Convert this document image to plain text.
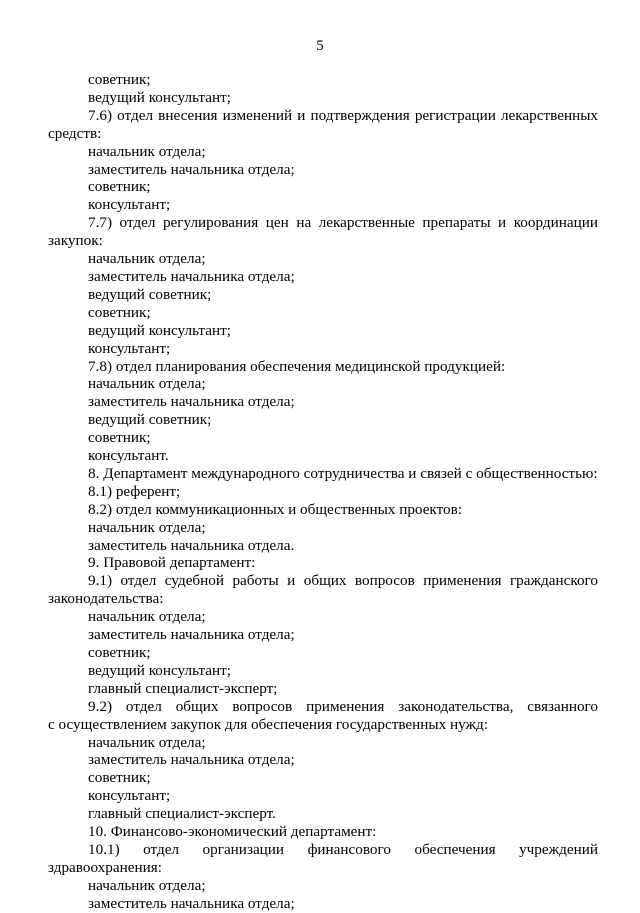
5
советник;
ведущий консультант;
7.6) отдел внесения изменений и подтверждения регистрации лекарственных
средств:
начальник отдела;
заместитель начальника отдела;
советник;
консультант;
7.7) отдел регулирования цен на лекарственные препараты и координации
закупок:
начальник отдела;
заместитель начальника отдела;
ведущий советник;
советник;
ведущий консультант;
консультант;
7.8) отдел планирования обеспечения медицинской продукцией:
начальник отдела;
заместитель начальника отдела;
ведущий советник;
советник;
консультант.
8. Департамент международного сотрудничества и связей с общественностью:
8.1) референт;
8.2) отдел коммуникационных и общественных проектов:
начальник отдела;
заместитель начальника отдела.
9. Правовой департамент:
9.1) отдел судебной работы и общих вопросов применения гражданского
законодательства:
начальник отдела;
заместитель начальника отдела;
советник;
ведущий консультант;
главный специалист-эксперт;
9.2) отдел общих вопросов применения законодательства, связанного
с осуществлением закупок для обеспечения государственных нужд:
начальник отдела;
заместитель начальника отдела;
советник;
консультант;
главный специалист-эксперт.
10. Финансово-экономический департамент:
10.1) отдел организации финансового обеспечения учреждений
здравоохранения:
начальник отдела;
заместитель начальника отдела;
